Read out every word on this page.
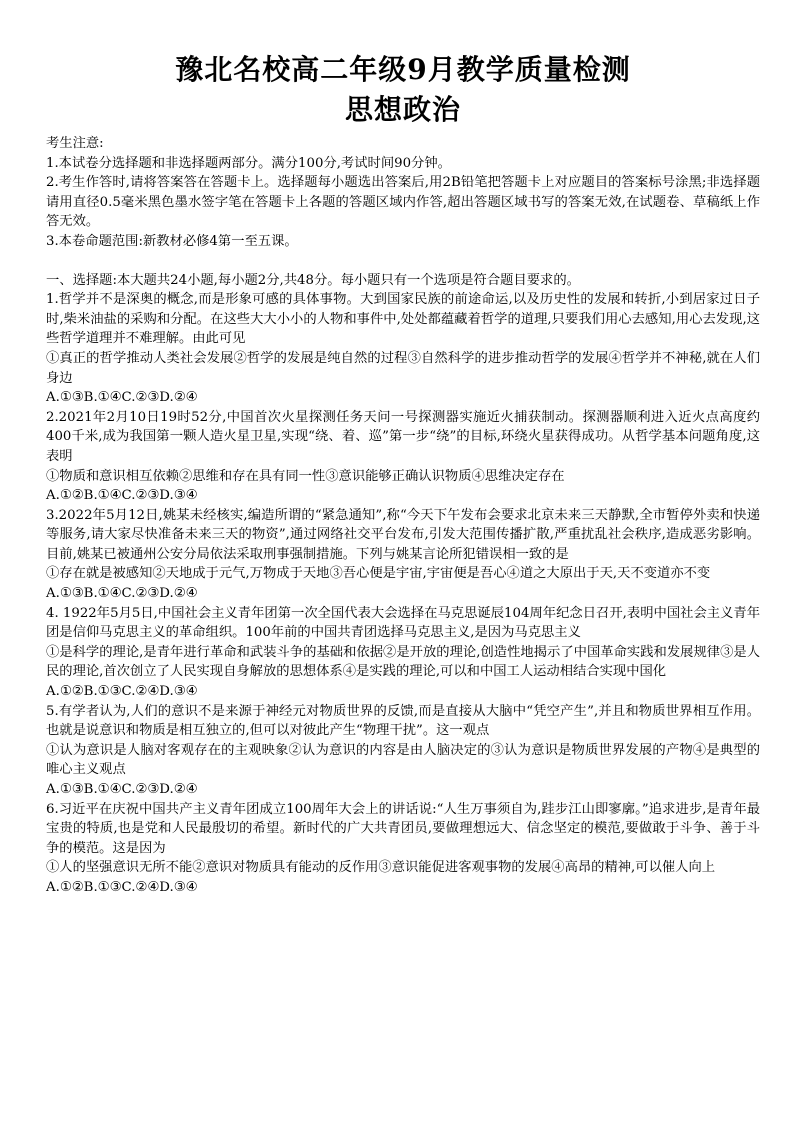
豫北名校高二年级9月教学质量检测
思想政治

考生注意:

1.本试卷分选择题和非选择题两部分。满分100分,考试时间90分钟。

2.考生作答时,请将答案答在答题卡上。选择题每小题选出答案后,用2B铅笔把答题卡上对应题目的答案标号涂黑;非选择题请用直径0.5毫米黑色墨水签字笔在答题卡上各题的答题区域内作答,超出答题区域书写的答案无效,在试题卷、草稿纸上作答无效。

3.本卷命题范围:新教材必修4第一至五课。

一、选择题:本大题共24小题,每小题2分,共48分。每小题只有一个选项是符合题目要求的。

1.哲学并不是深奥的概念,而是形象可感的具体事物。大到国家民族的前途命运,以及历史性的发展和转折,小到居家过日子时,柴米油盐的采购和分配。在这些大大小小的人物和事件中,处处都蕴藏着哲学的道理,只要我们用心去感知,用心去发现,这些哲学道理并不难理解。由此可见

①真正的哲学推动人类社会发展②哲学的发展是纯自然的过程③自然科学的进步推动哲学的发展④哲学并不神秘,就在人们身边

A.①③B.①④C.②③D.②④

2.2021年2月10日19时52分,中国首次火星探测任务天问一号探测器实施近火捕获制动。探测器顺利进入近火点高度约400千米,成为我国第一颗人造火星卫星,实现“绕、着、巡”第一步“绕”的目标,环绕火星获得成功。从哲学基本问题角度,这表明

①物质和意识相互依赖②思维和存在具有同一性③意识能够正确认识物质④思维决定存在

A.①②B.①④C.②③D.③④

3.2022年5月12日,姚某未经核实,编造所谓的“紧急通知”,称“今天下午发布会要求北京未来三天静默,全市暂停外卖和快递等服务,请大家尽快准备未来三天的物资”,通过网络社交平台发布,引发大范围传播扩散,严重扰乱社会秩序,造成恶劣影响。目前,姚某已被通州公安分局依法采取刑事强制措施。下列与姚某言论所犯错误相一致的是

①存在就是被感知②天地成于元气,万物成于天地③吾心便是宇宙,宇宙便是吾心④道之大原出于天,天不变道亦不变

A.①③B.①④C.②③D.②④

4. 1922年5月5日,中国社会主义青年团第一次全国代表大会选择在马克思诞辰104周年纪念日召开,表明中国社会主义青年团是信仰马克思主义的革命组织。100年前的中国共青团选择马克思主义,是因为马克思主义

①是科学的理论,是青年进行革命和武装斗争的基础和依据②是开放的理论,创造性地揭示了中国革命实践和发展规律③是人民的理论,首次创立了人民实现自身解放的思想体系④是实践的理论,可以和中国工人运动相结合实现中国化

A.①②B.①③C.②④D.③④

5.有学者认为,人们的意识不是来源于神经元对物质世界的反馈,而是直接从大脑中“凭空产生”,并且和物质世界相互作用。也就是说意识和物质是相互独立的,但可以对彼此产生“物理干扰”。这一观点

①认为意识是人脑对客观存在的主观映象②认为意识的内容是由人脑决定的③认为意识是物质世界发展的产物④是典型的唯心主义观点

A.①③B.①④C.②③D.②④

6.习近平在庆祝中国共产主义青年团成立100周年大会上的讲话说:“人生万事须自为,跬步江山即寥廓。”追求进步,是青年最宝贵的特质,也是党和人民最殷切的希望。新时代的广大共青团员,要做理想远大、信念坚定的模范,要做敢于斗争、善于斗争的模范。这是因为

①人的坚强意识无所不能②意识对物质具有能动的反作用③意识能促进客观事物的发展④高昂的精神,可以催人向上

A.①②B.①③C.②④D.③④
